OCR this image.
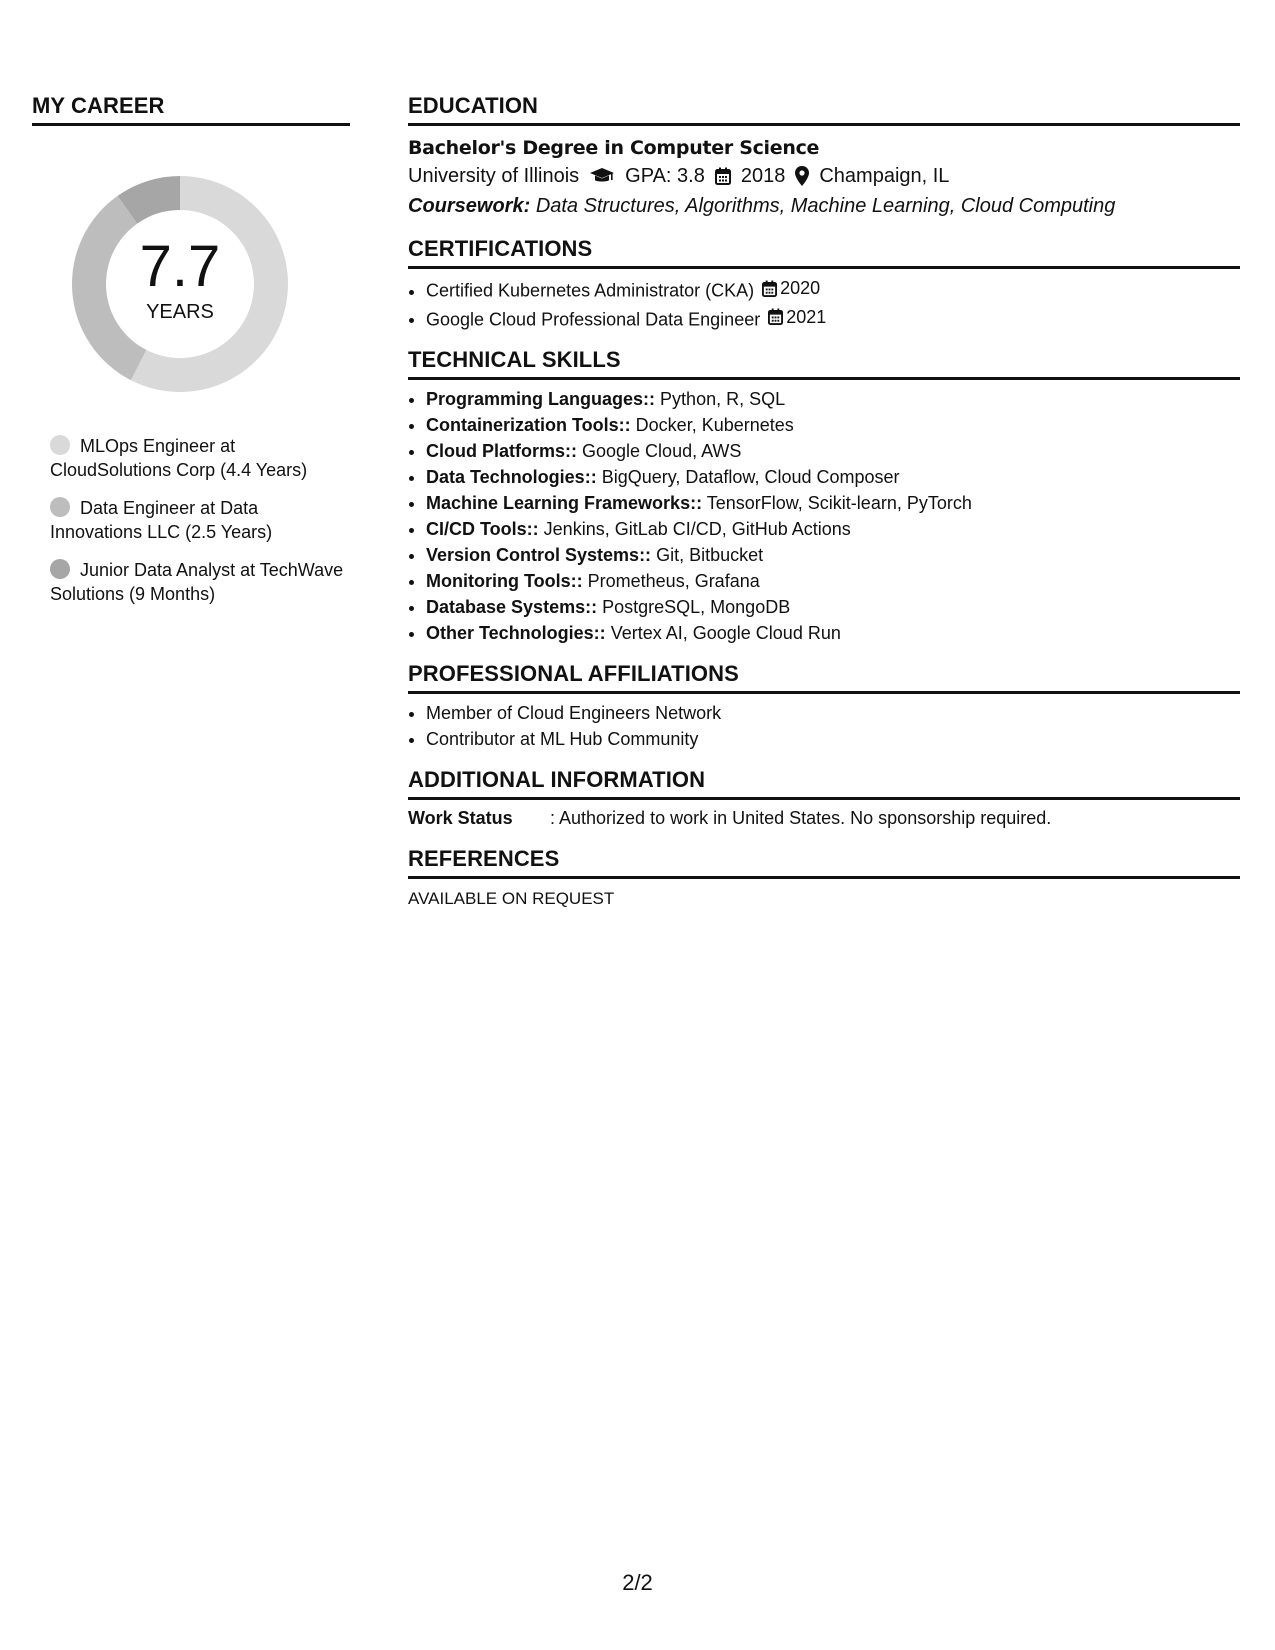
MY CAREER
7.7
YEARS
MLOps Engineer at CloudSolutions Corp (4.4 Years)
Data Engineer at Data Innovations LLC (2.5 Years)
Junior Data Analyst at TechWave Solutions (9 Months)
EDUCATION
Bachelor's Degree in Computer Science
University of Illinois GPA: 3.8 2018 Champaign, IL
Coursework: Data Structures, Algorithms, Machine Learning, Cloud Computing
CERTIFICATIONS
• Certified Kubernetes Administrator (CKA) 2020
• Google Cloud Professional Data Engineer 2021
TECHNICAL SKILLS
• Programming Languages:: Python, R, SQL
• Containerization Tools:: Docker, Kubernetes
• Cloud Platforms:: Google Cloud, AWS
• Data Technologies:: BigQuery, Dataflow, Cloud Composer
• Machine Learning Frameworks:: TensorFlow, Scikit-learn, PyTorch
• CI/CD Tools:: Jenkins, GitLab CI/CD, GitHub Actions
• Version Control Systems:: Git, Bitbucket
• Monitoring Tools:: Prometheus, Grafana
• Database Systems:: PostgreSQL, MongoDB
• Other Technologies:: Vertex AI, Google Cloud Run
PROFESSIONAL AFFILIATIONS
• Member of Cloud Engineers Network
• Contributor at ML Hub Community
ADDITIONAL INFORMATION
Work Status	: Authorized to work in United States. No sponsorship required.
REFERENCES
AVAILABLE ON REQUEST
2/2
